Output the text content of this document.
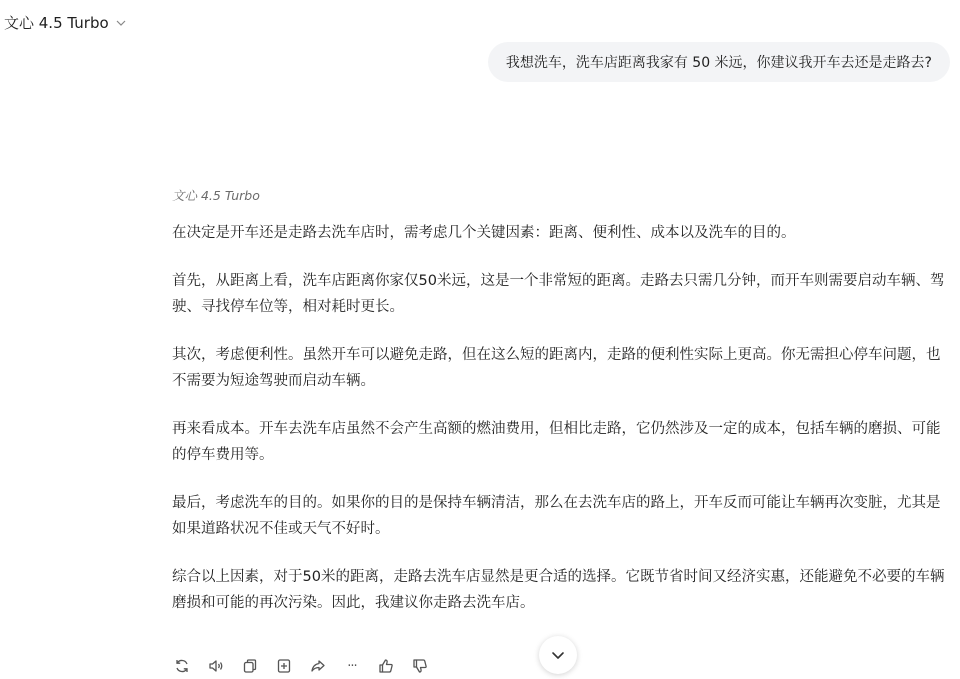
文心 4.5 Turbo
我想洗车，洗车店距离我家有 50 米远，你建议我开车去还是走路去?
文心 4.5 Turbo

在决定是开车还是走路去洗车店时，需考虑几个关键因素：距离、便利性、成本以及洗车的目的。

首先，从距离上看，洗车店距离你家仅50米远，这是一个非常短的距离。走路去只需几分钟，而开车则需要启动车辆、驾驶、寻找停车位等，相对耗时更长。

其次，考虑便利性。虽然开车可以避免走路，但在这么短的距离内，走路的便利性实际上更高。你无需担心停车问题，也不需要为短途驾驶而启动车辆。

再来看成本。开车去洗车店虽然不会产生高额的燃油费用，但相比走路，它仍然涉及一定的成本，包括车辆的磨损、可能的停车费用等。

最后，考虑洗车的目的。如果你的目的是保持车辆清洁，那么在去洗车店的路上，开车反而可能让车辆再次变脏，尤其是如果道路状况不佳或天气不好时。

综合以上因素，对于50米的距离，走路去洗车店显然是更合适的选择。它既节省时间又经济实惠，还能避免不必要的车辆磨损和可能的再次污染。因此，我建议你走路去洗车店。

···
